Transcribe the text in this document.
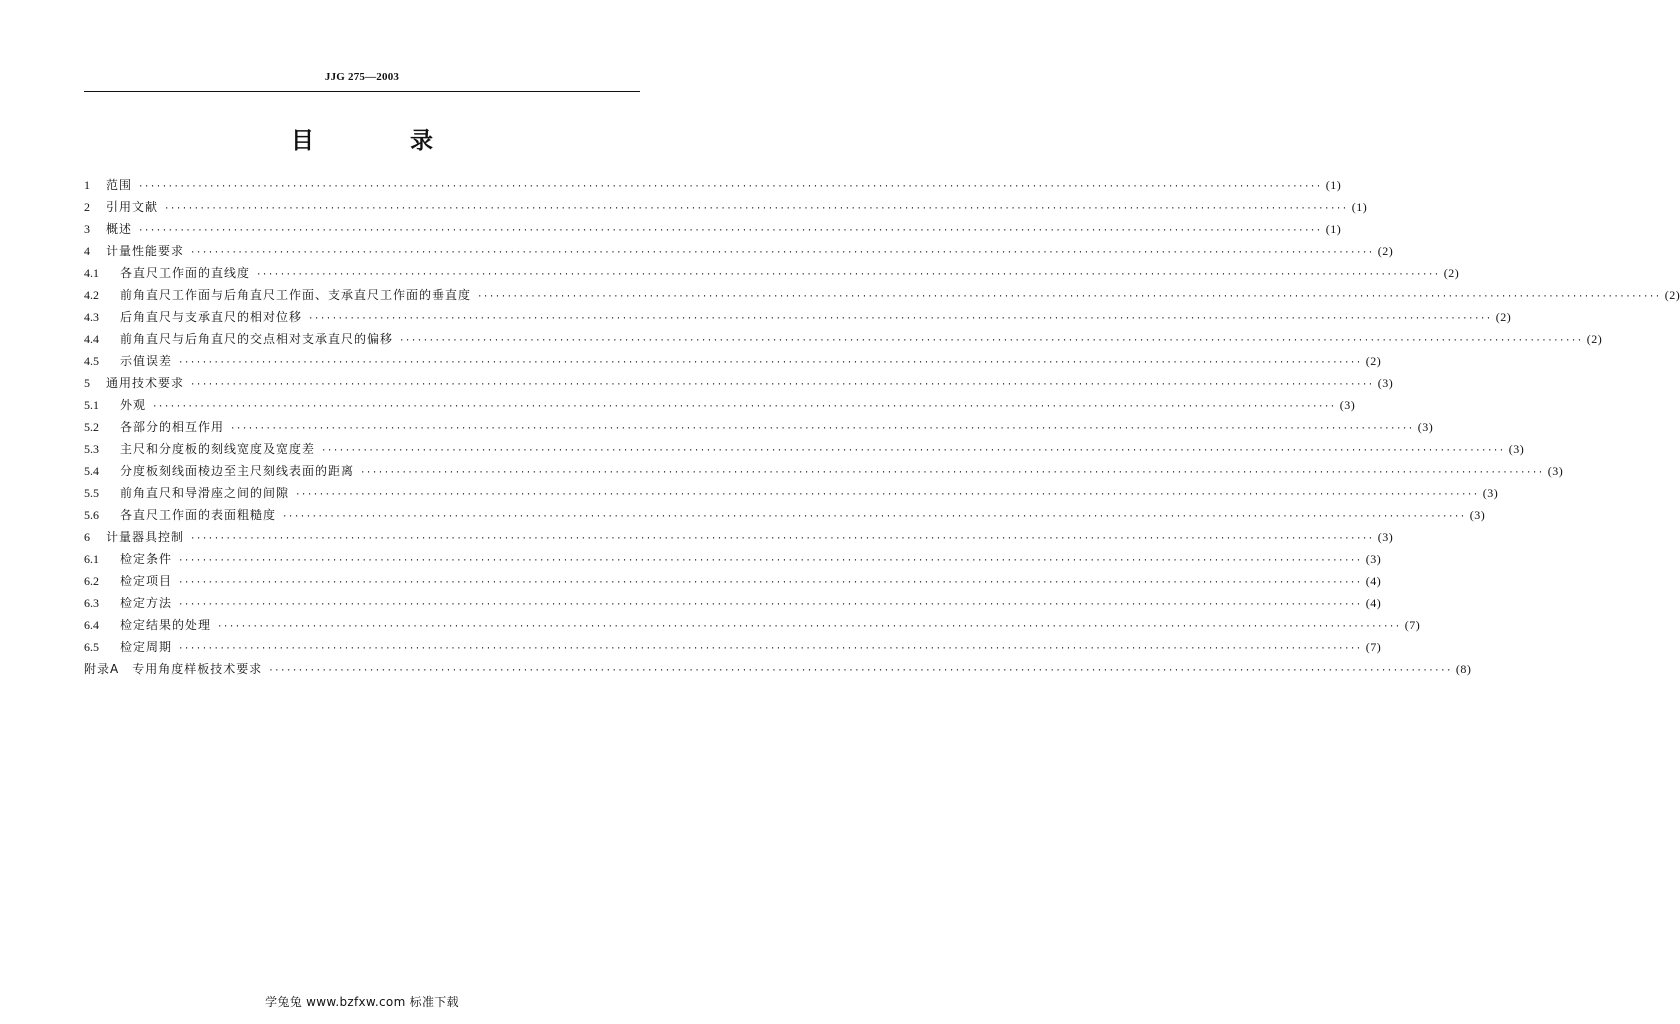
JJG 275—2003
目 录
1	范围 ········································································································································································································ (1)
2	引用文献 ········································································································································································································ (1)
3	概述 ········································································································································································································ (1)
4	计量性能要求 ········································································································································································································ (2)
4.1	各直尺工作面的直线度 ········································································································································································································ (2)
4.2	前角直尺工作面与后角直尺工作面、支承直尺工作面的垂直度 ········································································································································································································ (2)
4.3	后角直尺与支承直尺的相对位移 ········································································································································································································ (2)
4.4	前角直尺与后角直尺的交点相对支承直尺的偏移 ········································································································································································································ (2)
4.5	示值误差 ········································································································································································································ (2)
5	通用技术要求 ········································································································································································································ (3)
5.1	外观 ········································································································································································································ (3)
5.2	各部分的相互作用 ········································································································································································································ (3)
5.3	主尺和分度板的刻线宽度及宽度差 ········································································································································································································ (3)
5.4	分度板刻线面棱边至主尺刻线表面的距离 ········································································································································································································ (3)
5.5	前角直尺和导滑座之间的间隙 ········································································································································································································ (3)
5.6	各直尺工作面的表面粗糙度 ········································································································································································································ (3)
6	计量器具控制 ········································································································································································································ (3)
6.1	检定条件 ········································································································································································································ (3)
6.2	检定项目 ········································································································································································································ (4)
6.3	检定方法 ········································································································································································································ (4)
6.4	检定结果的处理 ········································································································································································································ (7)
6.5	检定周期 ········································································································································································································ (7)
附录A　专用角度样板技术要求 ········································································································································································································ (8)
学兔兔 www.bzfxw.com 标准下载
